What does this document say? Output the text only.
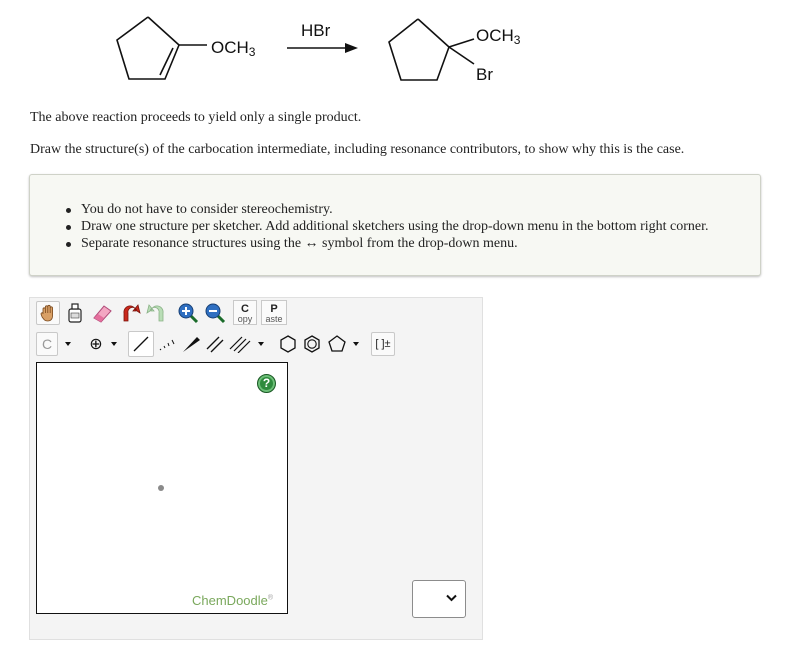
$OCH_3$
HBr	$OCH_3$
Br
The above reaction proceeds to yield only a single product.
Draw the structure(s) of the carbocation intermediate, including resonance contributors, to show why this is the case.
You do not have to consider stereochemistry.
Draw one structure per sketcher. Add additional sketchers using the drop-down menu in the bottom right corner.
Separate resonance structures using the ↔ symbol from the drop-down menu.
C
opy
P
aste
C	⊕	[ ]±
?
ChemDoodle®
